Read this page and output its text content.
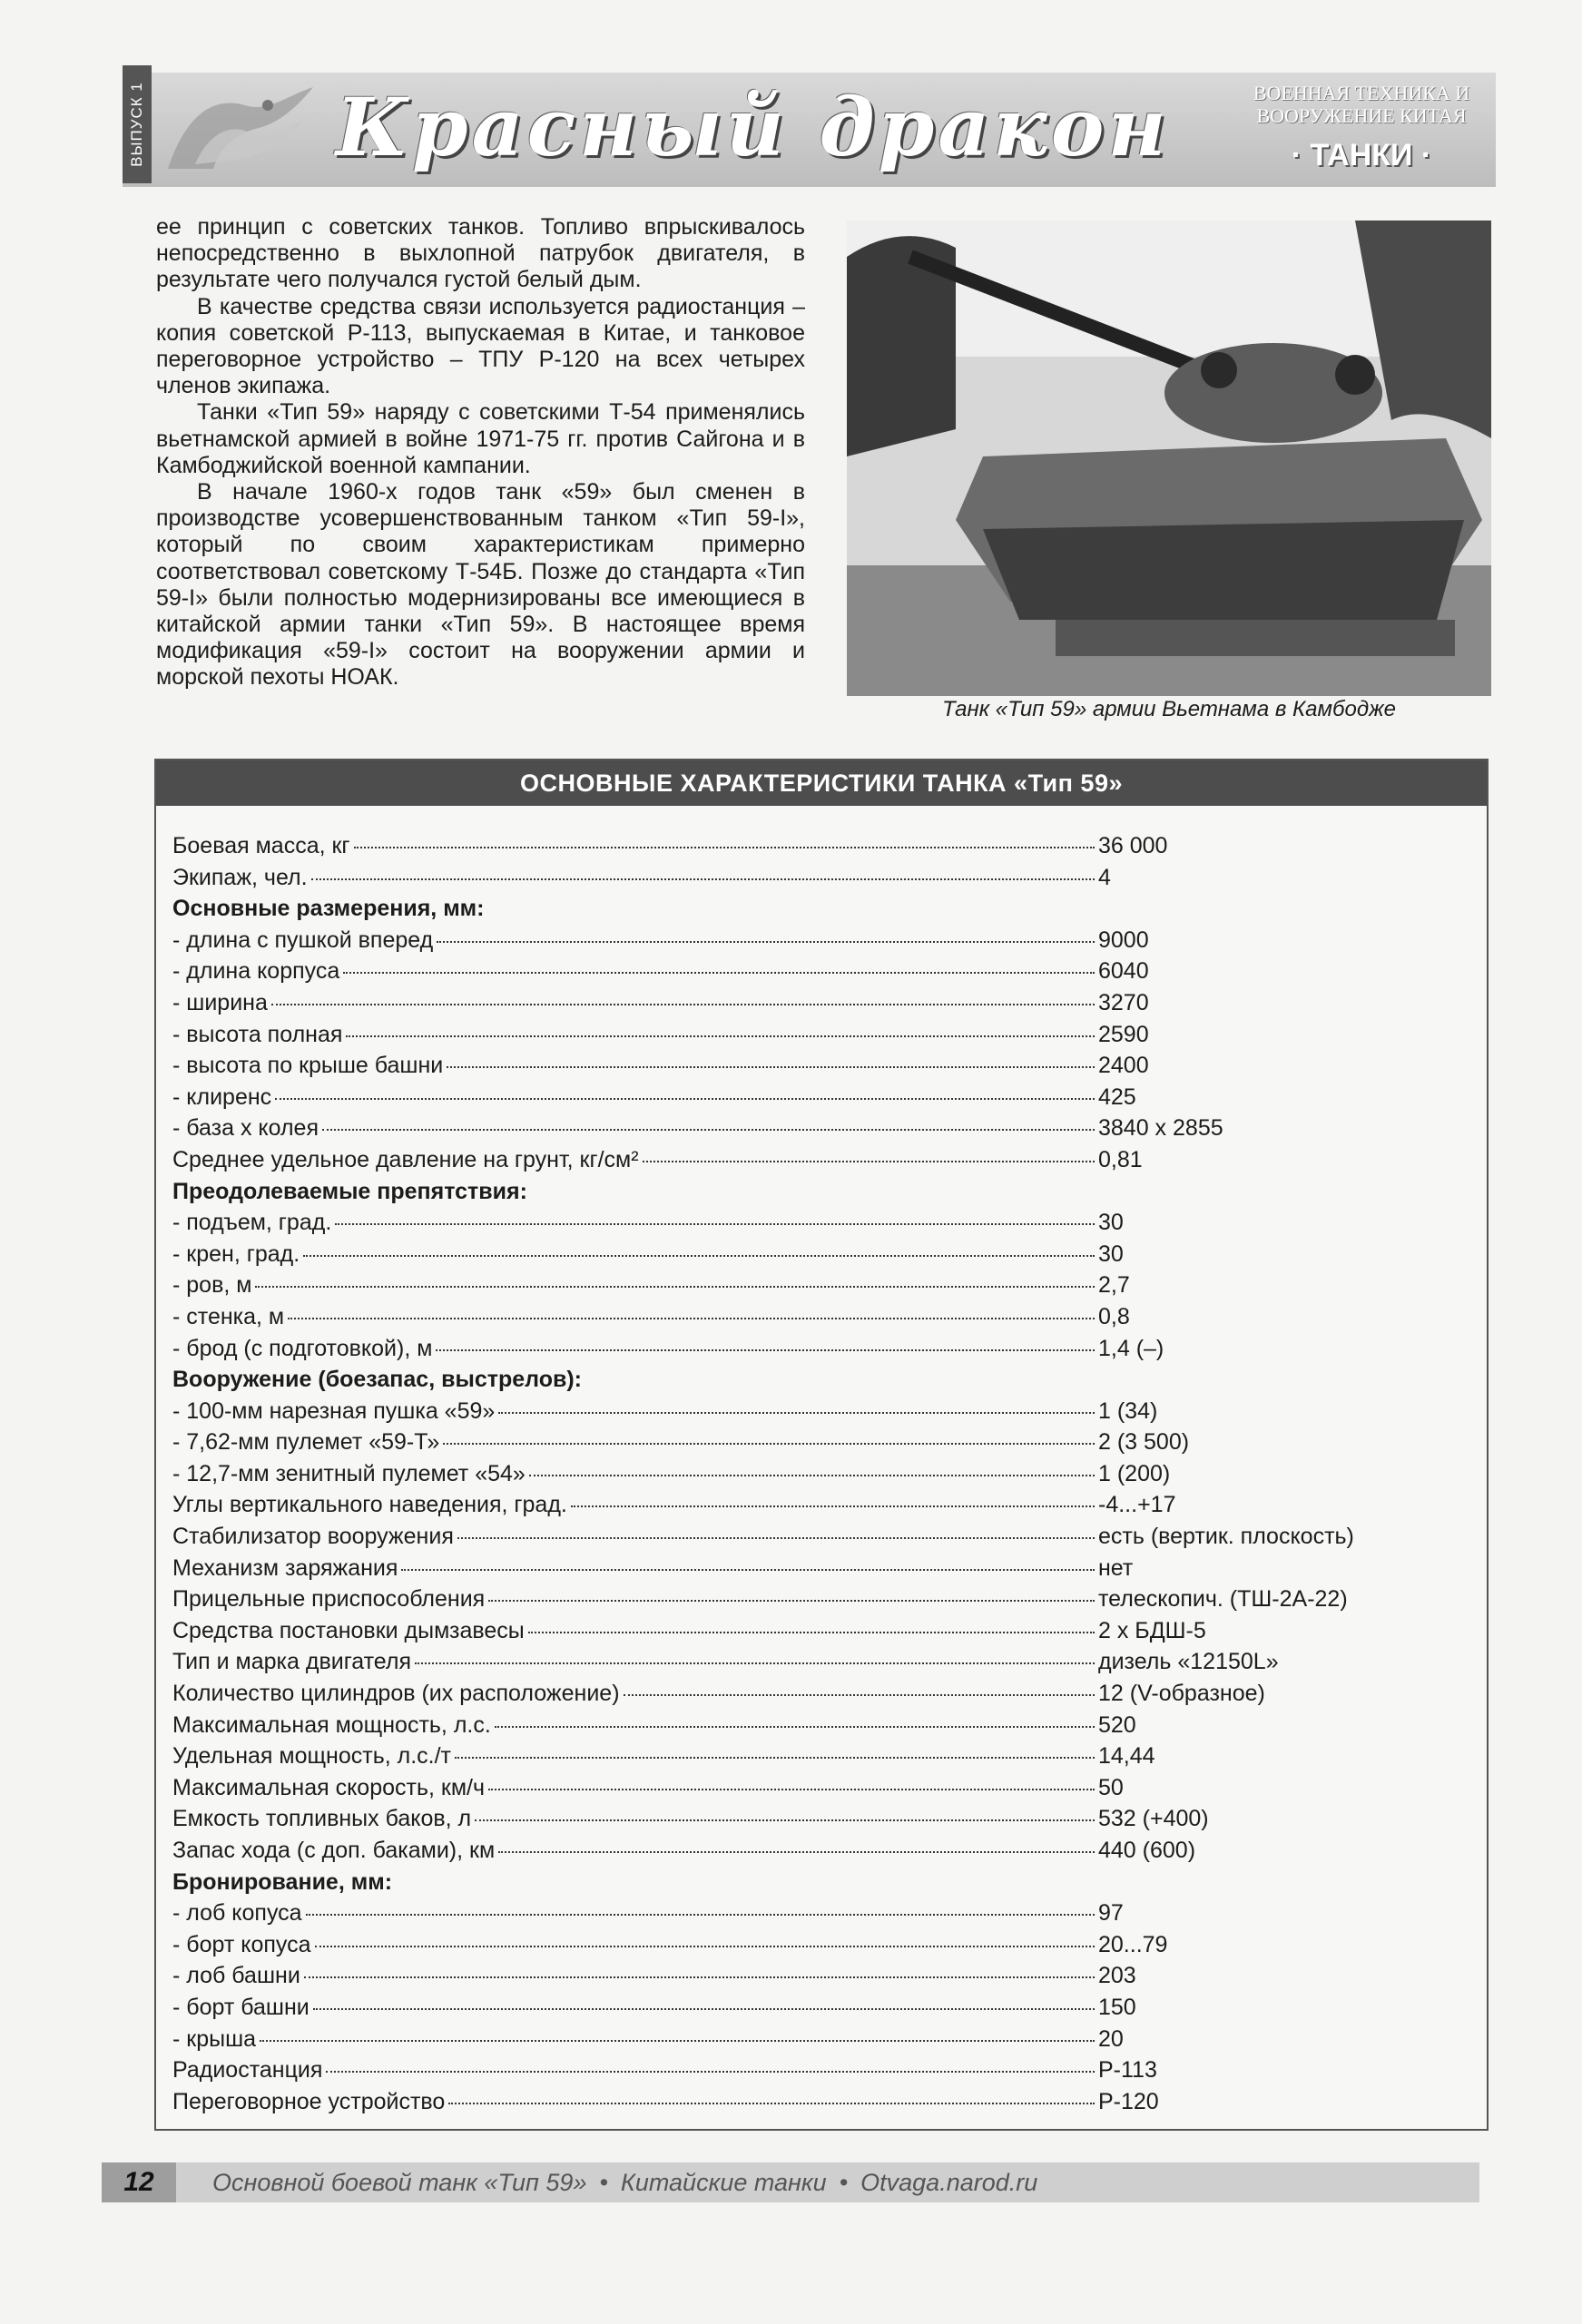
ВЫПУСК 1 Красный дракон	ВОЕННАЯ ТЕХНИКА И
ВООРУЖЕНИЕ КИТАЯ
· ТАНКИ ·

ее принцип с советских танков. Топливо впрыскивалось непосредственно в выхлопной патрубок двигателя, в результате чего получался густой белый дым.

В качестве средства связи используется радиостанция – копия советской Р-113, выпускаемая в Китае, и танковое переговорное устройство – ТПУ Р-120 на всех четырех членов экипажа.

Танки «Тип 59» наряду с советскими Т-54 применялись вьетнамской армией в войне 1971-75 гг. против Сайгона и в Камбоджийской военной кампании.

В начале 1960-х годов танк «59» был сменен в производстве усовершенствованным танком «Тип 59-I», который по своим характеристикам примерно соответствовал советскому Т-54Б. Позже до стандарта «Тип 59-I» были полностью модернизированы все имеющиеся в китайской армии танки «Тип 59». В настоящее время модификация «59-I» состоит на вооружении армии и морской пехоты НОАК.

Танк «Тип 59» армии Вьетнама в Камбодже
ОСНОВНЫЕ ХАРАКТЕРИСТИКИ ТАНКА «Тип 59»
Боевая масса, кг	36 000
Экипаж, чел.	4
Основные размерения, мм:
- длина с пушкой вперед	9000
- длина корпуса	6040
- ширина	3270
- высота полная	2590
- высота по крыше башни	2400
- клиренс	425
- база х колея	3840 x 2855
Среднее удельное давление на грунт, кг/см²	0,81
Преодолеваемые препятствия:
- подъем, град.	30
- крен, град.	30
- ров, м	2,7
- стенка, м	0,8
- брод (с подготовкой), м	1,4 (–)
Вооружение (боезапас, выстрелов):
- 100-мм нарезная пушка «59»	1 (34)
- 7,62-мм пулемет «59-Т»	2 (3 500)
- 12,7-мм зенитный пулемет «54»	1 (200)
Углы вертикального наведения, град.	-4...+17
Стабилизатор вооружения	есть (вертик. плоскость)
Механизм заряжания	нет
Прицельные приспособления	телескопич. (ТШ-2А-22)
Средства постановки дымзавесы	2 х БДШ-5
Тип и марка двигателя	дизель «12150L»
Количество цилиндров (их расположение)	12 (V-образное)
Максимальная мощность, л.с.	520
Удельная мощность, л.с./т	14,44
Максимальная скорость, км/ч	50
Емкость топливных баков, л	532 (+400)
Запас хода (с доп. баками), км	440 (600)
Бронирование, мм:
- лоб копуса	97
- борт копуса	20...79
- лоб башни	203
- борт башни	150
- крыша	20
Радиостанция	Р-113
Переговорное устройство	Р-120
12	Основной боевой танк «Тип 59» • Китайские танки • Otvaga.narod.ru
